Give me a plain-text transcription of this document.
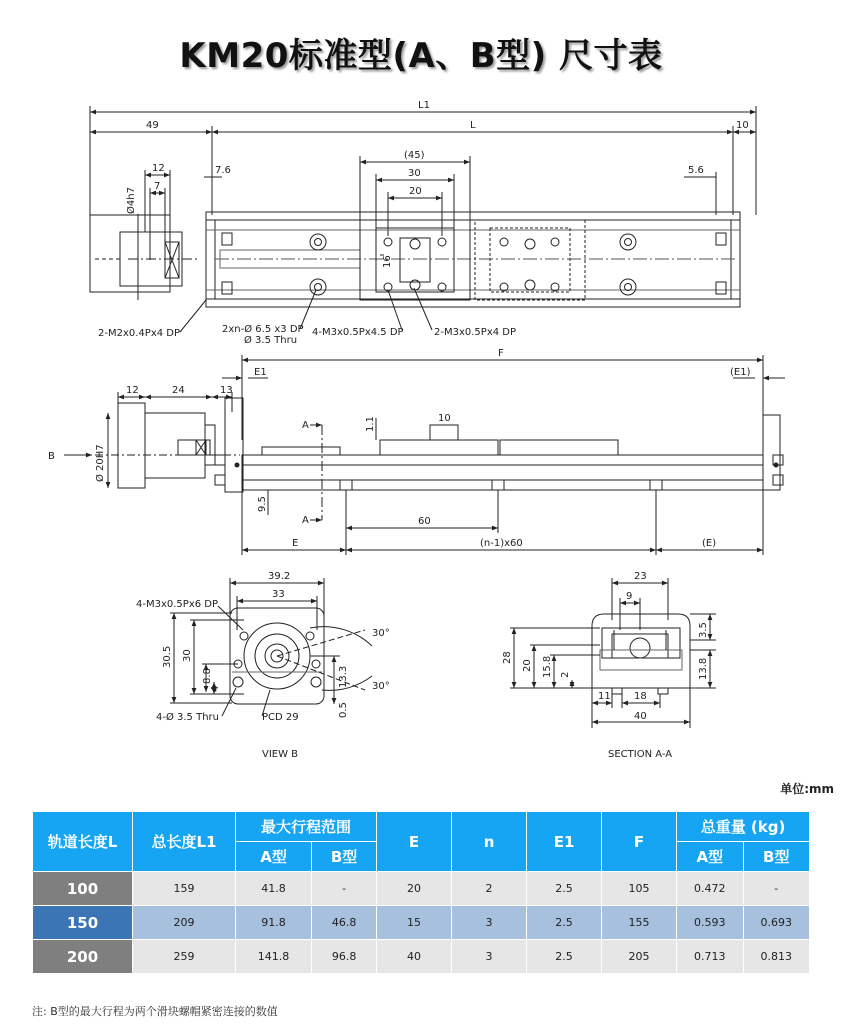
KM20标准型(A、B型) 尺寸表
L1
49	L	10
7.6
12
7
(45)
30
20
5.6
16
Ø4h7
2-M2x0.4Px4 DP	2xn-Ø 6.5 x3 DP
Ø 3.5 Thru
4-M3x0.5Px4.5 DP	2-M3x0.5Px4 DP
F
E1	(E1)
12	24	13
B	Ø 20H7
A
A
1.1	10
9.5
60
E	(n-1)x60	(E)
39.2
33
4-M3x0.5Px6 DP
30.5 30
8.8
4
30°
30°
13.3
0.5
4-Ø 3.5 Thru	PCD 29
VIEW B
23
9
28
20 15.8 2
3.5
13.8
11 18
40
SECTION A-A
单位:mm
轨道长度L	总长度L1	最大行程范围		E	n	E1	F	总重量 (kg)	
		A型	B型					A型	B型
100	159	41.8	-	20	2	2.5	105	0.472	-
150	209	91.8	46.8	15	3	2.5	155	0.593	0.693
200	259	141.8	96.8	40	3	2.5	205	0.713	0.813
注: B型的最大行程为两个滑块螺帽紧密连接的数值
